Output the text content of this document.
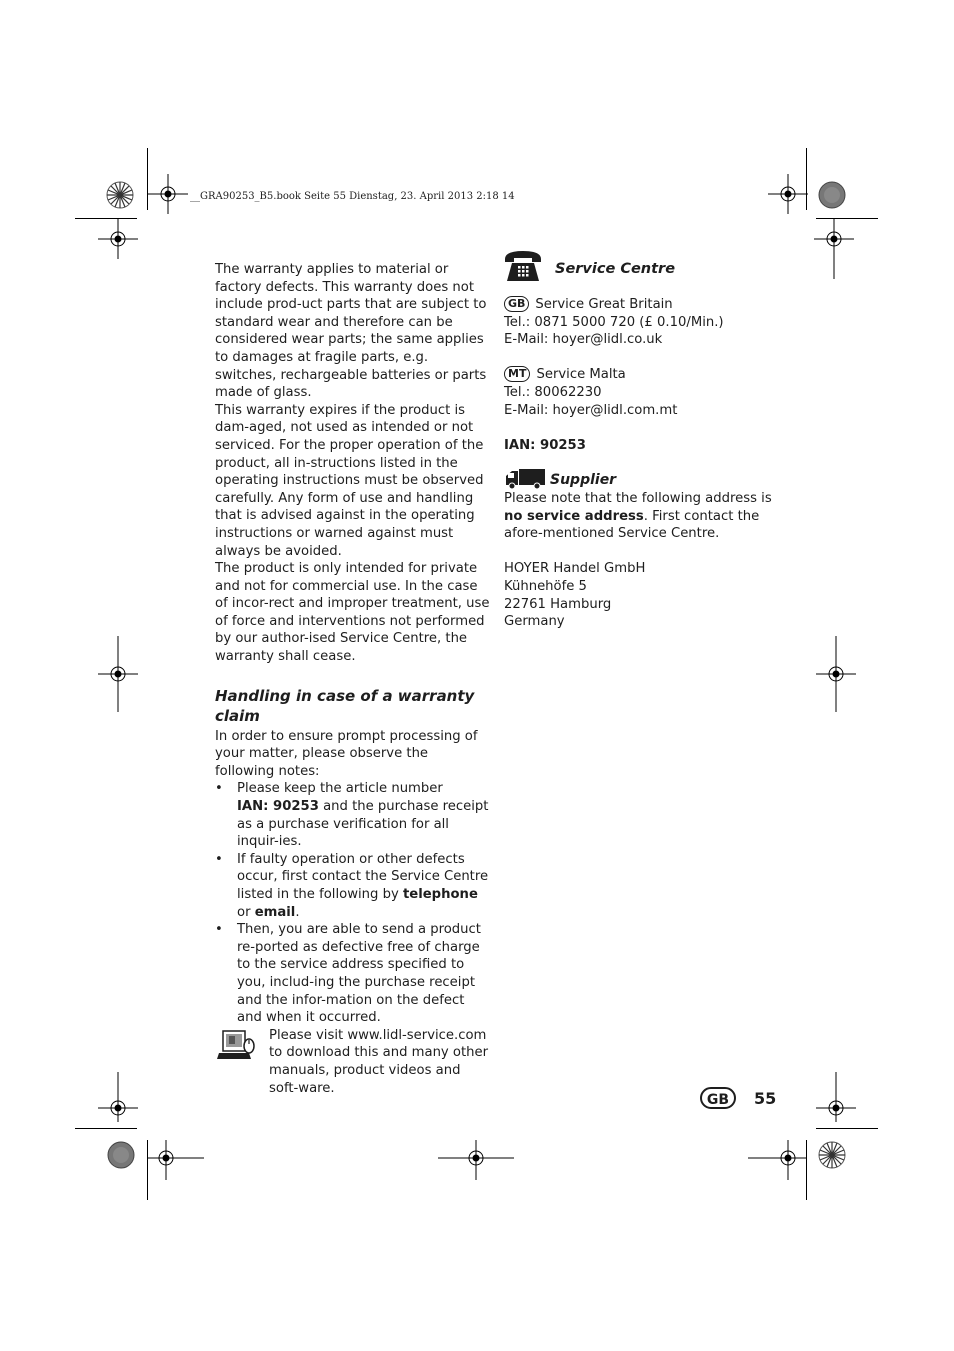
__GRA90253_B5.book Seite 55 Dienstag, 23. April 2013 2:18 14

The warranty applies to material or factory defects. This warranty does not include prod-uct parts that are subject to standard wear and therefore can be considered wear parts; the same applies to damages at fragile parts, e.g. switches, rechargeable batteries or parts made of glass.

This warranty expires if the product is dam-aged, not used as intended or not serviced. For the proper operation of the product, all in-structions listed in the operating instructions must be observed carefully. Any form of use and handling that is advised against in the operating instructions or warned against must always be avoided.

The product is only intended for private and not for commercial use. In the case of incor-rect and improper treatment, use of force and interventions not performed by our author-ised Service Centre, the warranty shall cease.

Handling in case of a warranty claim

In order to ensure prompt processing of your matter, please observe the following notes:

• Please keep the article number
IAN: 90253 and the purchase receipt as a purchase verification for all inquir-ies.
• If faulty operation or other defects occur, first contact the Service Centre listed in the following by telephone or email.
• Then, you are able to send a product re-ported as defective free of charge to the service address specified to you, includ-ing the purchase receipt and the infor-mation on the defect and when it occurred.
Please visit www.lidl-service.com to download this and many other manuals, product videos and soft-ware.
Service Centre
GB Service Great Britain
Tel.: 0871 5000 720 (£ 0.10/Min.)
E-Mail: hoyer@lidl.co.uk
MT Service Malta
Tel.: 80062230
E-Mail: hoyer@lidl.com.mt
IAN: 90253
Supplier
Please note that the following address is no service address. First contact the afore-mentioned Service Centre.
HOYER Handel GmbH
Kühnehöfe 5
22761 Hamburg
Germany
GB	55
